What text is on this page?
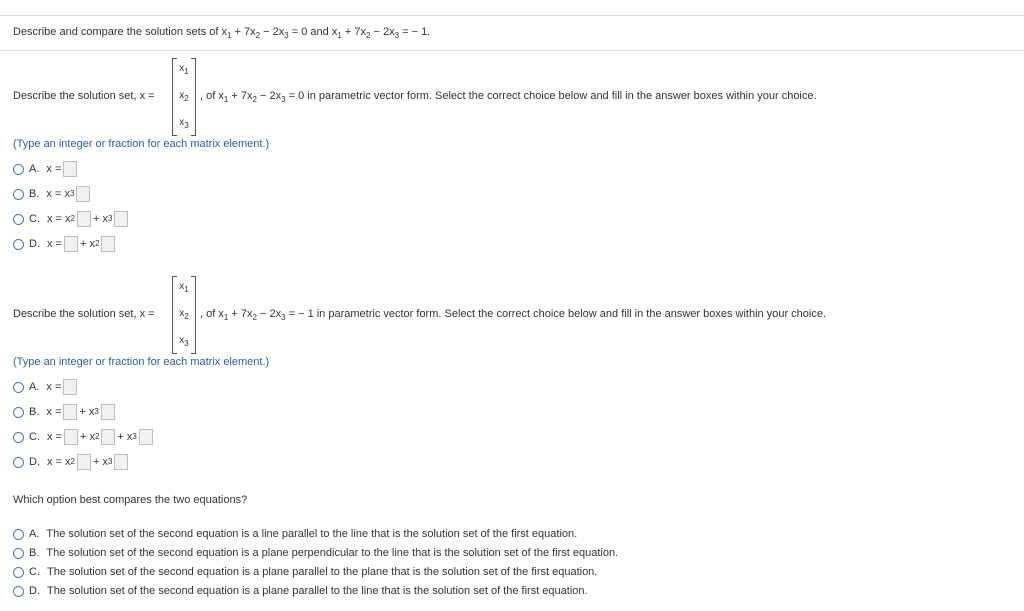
Describe and compare the solution sets of $x_1 + 7x_2 - 2x_3 = 0$ and $x_1 + 7x_2 - 2x_3$ = − 1.
Describe the solution set, x =
$x_1$
$x_2$
$x_3$
, of $x_1 + 7x_2 - 2x_3 = 0$ in parametric vector form. Select the correct choice below and fill in the answer boxes within your choice.
(Type an integer or fraction for each matrix element.)
A. x =
B. x = x 3
C. x = x 2 + x 3
D. x = + x 2
Describe the solution set, x =
$x_1$
$x_2$
$x_3$
, of $x_1 + 7x_2 - 2x_3$ = − 1 in parametric vector form. Select the correct choice below and fill in the answer boxes within your choice.
(Type an integer or fraction for each matrix element.)
A. x =
B. x = + x 3
C. x = + x 2 + x 3
D. x = x 2 + x 3
Which option best compares the two equations?
A. The solution set of the second equation is a line parallel to the line that is the solution set of the first equation.
B. The solution set of the second equation is a plane perpendicular to the line that is the solution set of the first equation.
C. The solution set of the second equation is a plane parallel to the plane that is the solution set of the first equation.
D. The solution set of the second equation is a plane parallel to the line that is the solution set of the first equation.
